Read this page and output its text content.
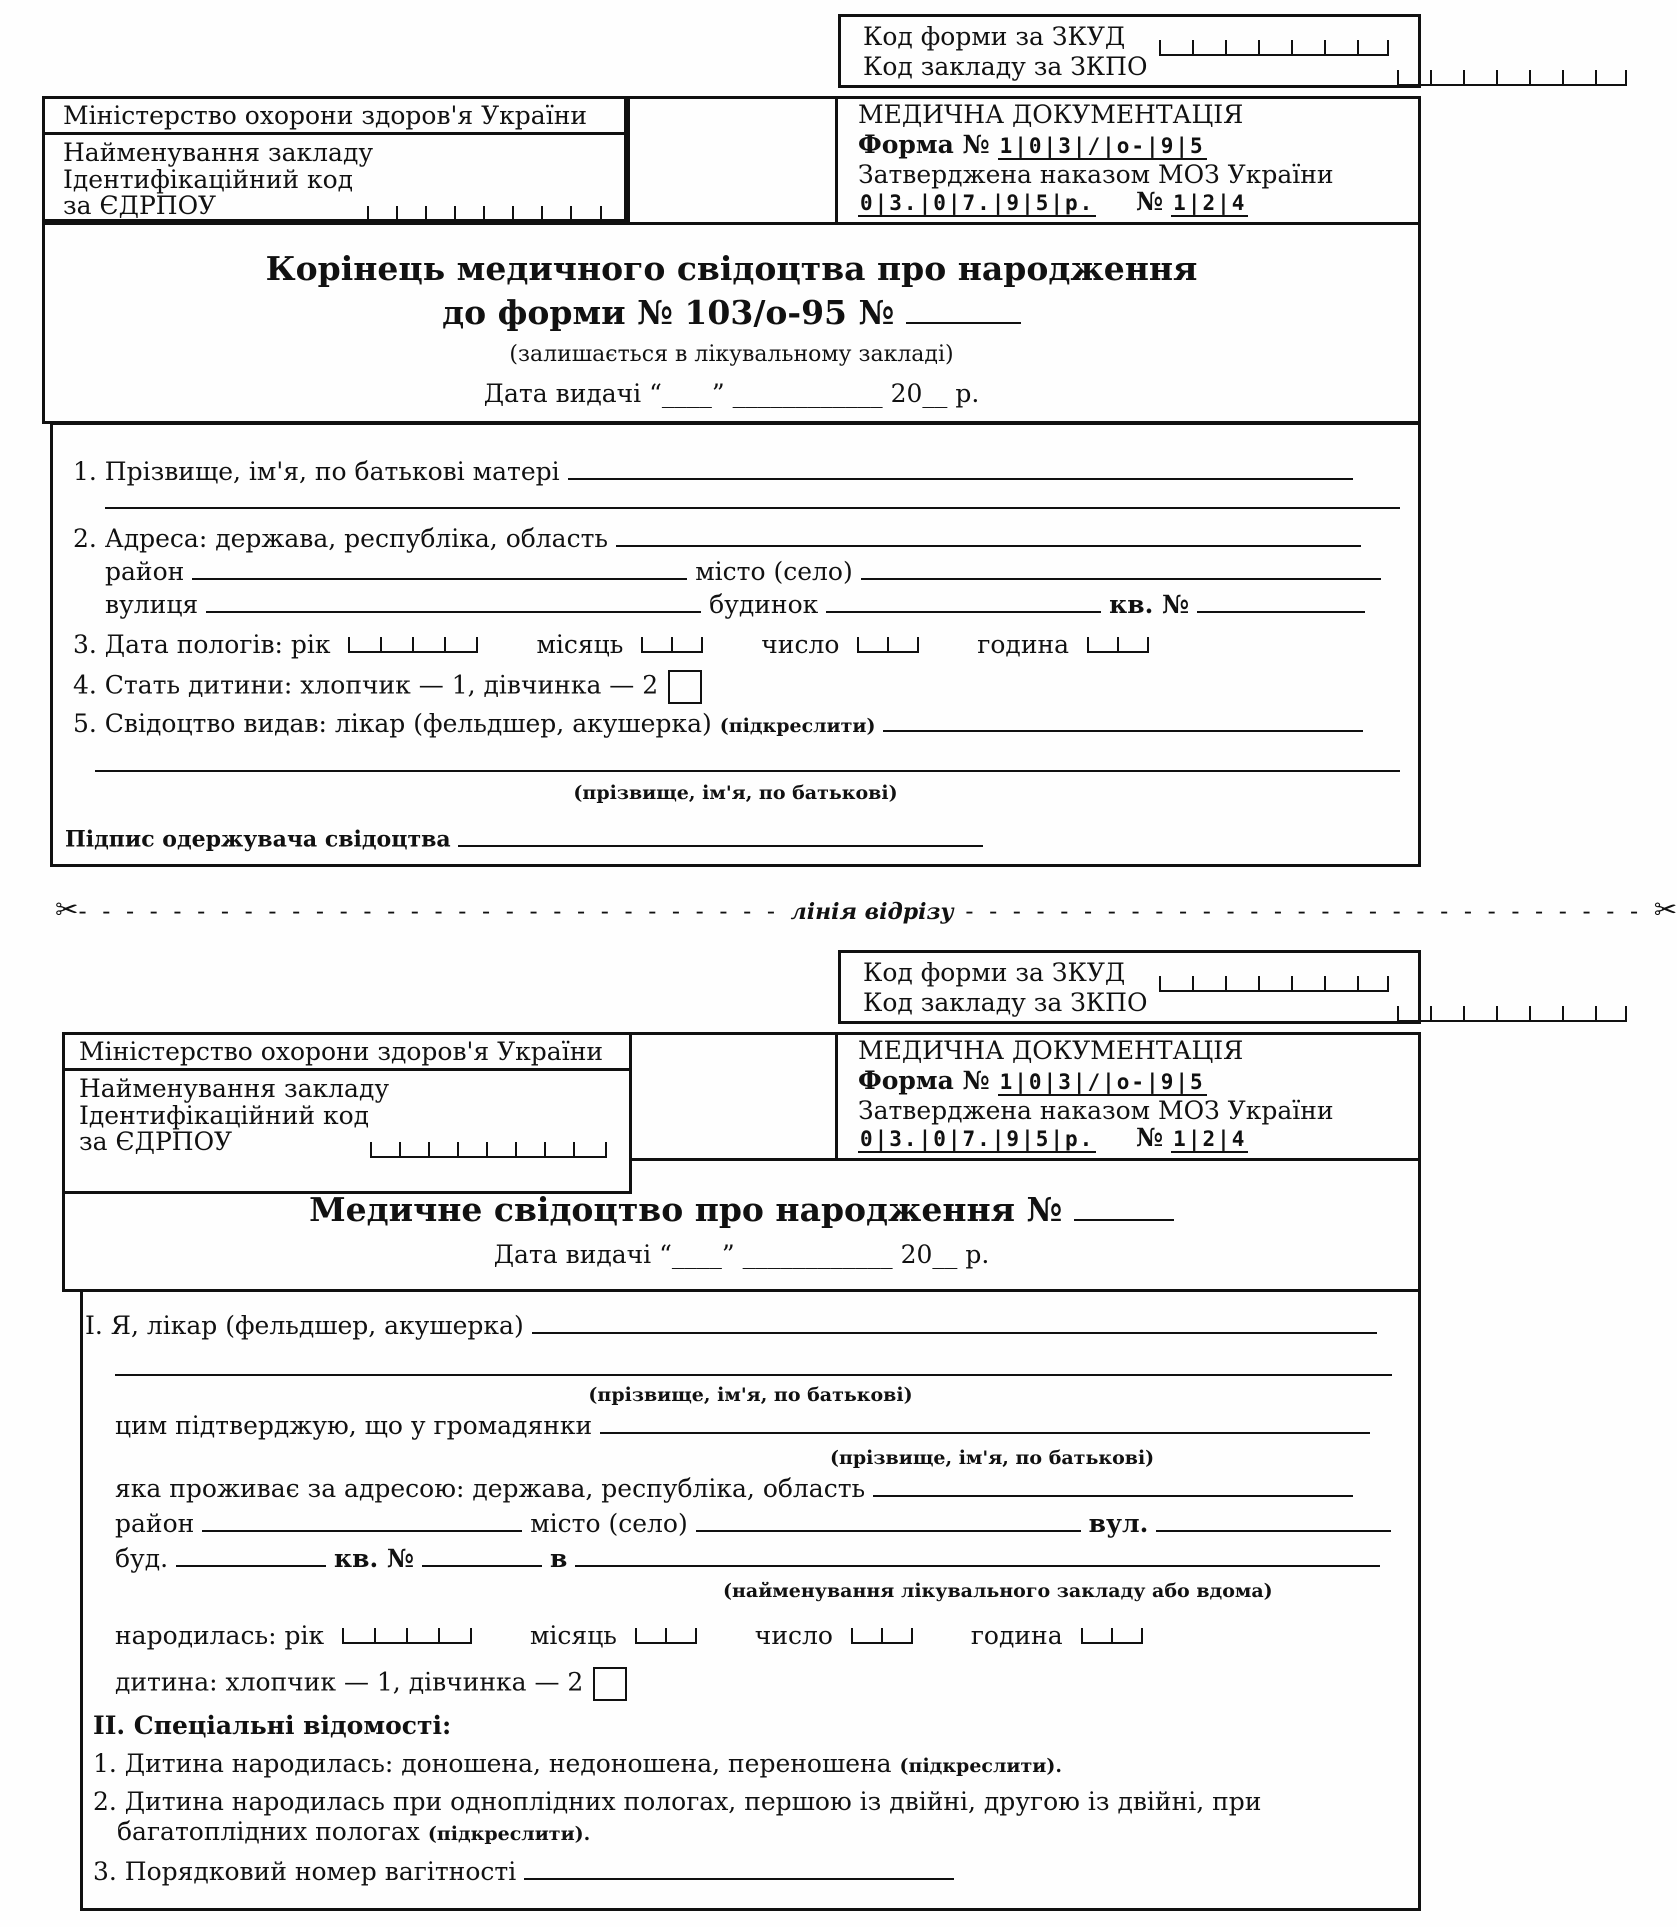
Код форми за ЗКУД
Код закладу за ЗКПО

Міністерство охорони здоров'я України
Найменування закладу
Ідентифікаційний код
за ЄДРПОУ
МЕДИЧНА ДОКУМЕНТАЦІЯ
Форма № 1|0|3|/|о-|9|5
Затверджена наказом МОЗ України
0|3.|0|7.|9|5|р. № 1|2|4
Корінець медичного свідоцтва про народження
до форми № 103/о-95 №
(залишається в лікувальному закладі)
Дата видачі “____” ____________ 20__ р.
1. Прізвище, ім'я, по батькові матері
2. Адреса: держава, республіка, область
район	місто (село)
вулиця	будинок	кв. №
3. Дата пологів: рік	місяць	число	година
4. Стать дитини: хлопчик — 1, дівчинка — 2
5. Свідоцтво видав: лікар (фельдшер, акушерка) (підкреслити)
(прізвище, ім'я, по батькові)
Підпис одержувача свідоцтва
✂- - - - - - - - - - - - - - - - - - - - - - - - - - - - - - лінія відрізу - - - - - - - - - - - - - - - - - - - - - - - - - - - - - ✂
Код форми за ЗКУД
Код закладу за ЗКПО

Міністерство охорони здоров'я України
Найменування закладу
Ідентифікаційний код
за ЄДРПОУ
МЕДИЧНА ДОКУМЕНТАЦІЯ
Форма № 1|0|3|/|о-|9|5
Затверджена наказом МОЗ України
0|3.|0|7.|9|5|р. № 1|2|4
Медичне свідоцтво про народження №
Дата видачі “____” ____________ 20__ р.
I. Я, лікар (фельдшер, акушерка)
(прізвище, ім'я, по батькові)
цим підтверджую, що у громадянки
(прізвище, ім'я, по батькові)
яка проживає за адресою: держава, республіка, область
район	місто (село)	вул.
буд.	кв. №	в
(найменування лікувального закладу або вдома)
народилась: рік	місяць	число	година
дитина: хлопчик — 1, дівчинка — 2
II. Спеціальні відомості:
1. Дитина народилась: доношена, недоношена, переношена (підкреслити).
2. Дитина народилась при одноплідних пологах, першою із двійні, другою із двійні, при
багатоплідних пологах (підкреслити).
3. Порядковий номер вагітності
